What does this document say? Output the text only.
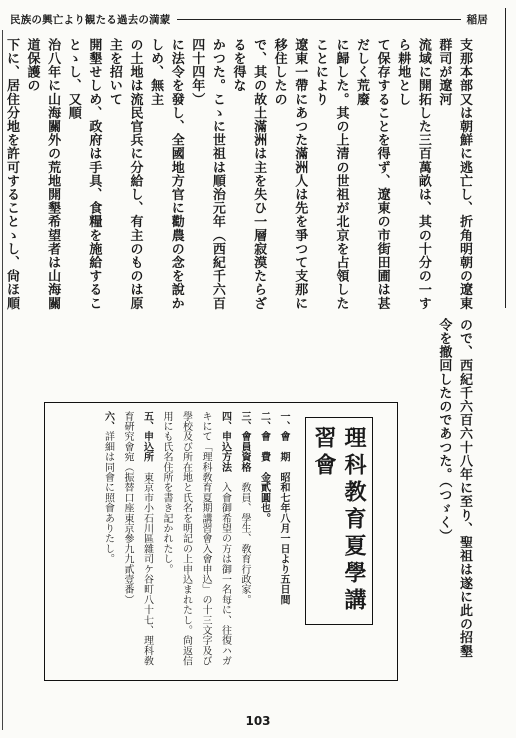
民族の興亡より観たる過去の満蒙	稲居
支那本部又は朝鮮に逃亡し、折角明朝の遼東群司が遼河
流域に開拓した三百萬畝は、其の十分の一すら耕地とし
て保存することを得ず、遼東の市街田圃は甚だしく荒廢
に歸した。其の上清の世祖が北京を占領したことにより
遼東一帶にあつた滿洲人は先を爭つて支那に移住したの
で、其の故土滿洲は主を失ひ一層寂漠たらざるを得な
かつた。こゝに世祖は順治元年（西紀千六百四十四年）
に法令を發し、全國地方官に勸農の念を說かしめ、無主
の土地は流民官兵に分給し、有主のものは原主を招いて
開墾せしめ、政府は手具、食糧を施給することゝし、又順
治八年に山海關外の荒地開墾希望者は山海關道保護の
下に、居住分地を許可することゝし、尙ほ順
ので、西紀千六百六十八年に至り、聖祖は遂に此の招墾
令を撤回したのであつた。（つゞく）
理科教育夏學講習會
一、會　期　昭和七年八月一日より五日間
二、會　費　金貳圓也。
三、會員資格　敎員、學生、敎育行政家。
四、申込方法　入會御希望の方は御一名每に、往復ハガキにて「理科敎育夏期講習會入會申込」の十三文字及び學校及び所在地と氏名を明記の上申込まれたし。尙返信用にも氏名住所を書き記かれたし。
五、申込所　東京市小石川區雜司ケ谷町八十七、理科敎育硏究會宛（振替口座東京參九九貳壹番）
六、詳細は同會に照會ありたし。
103
